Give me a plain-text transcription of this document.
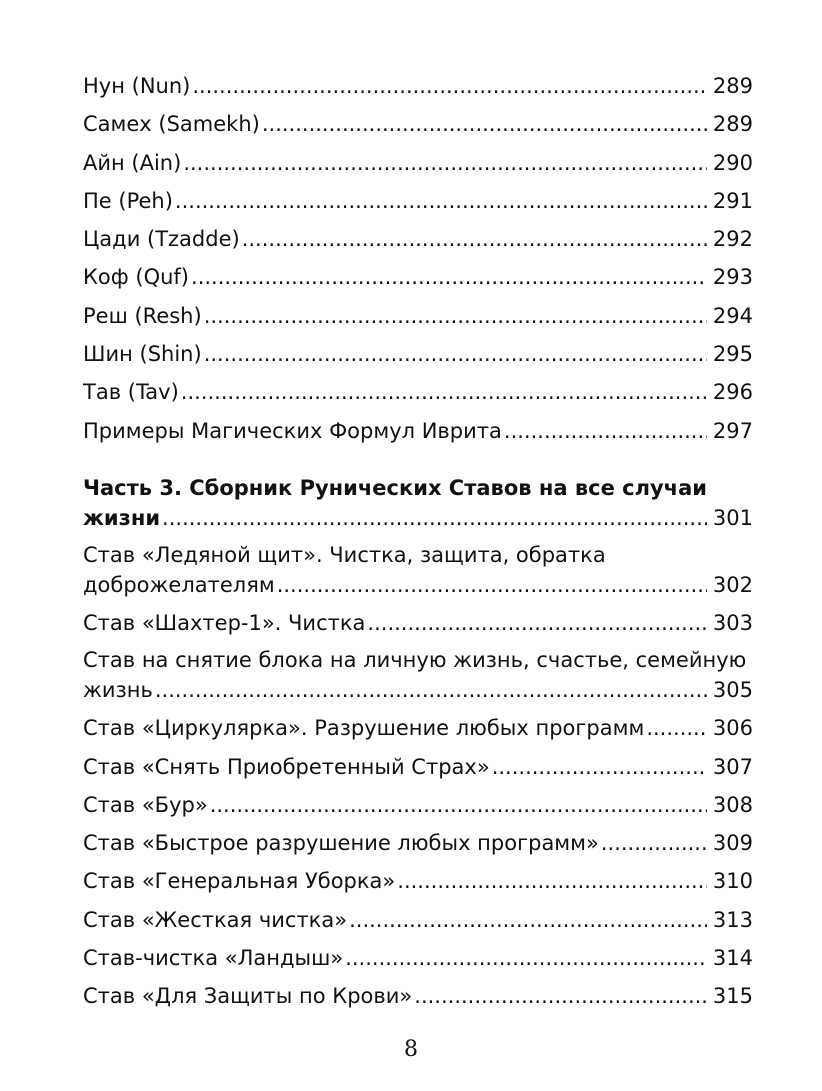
Нун (Nun) .....	289
Самех (Samekh) .....	289
Айн (Ain) .....	290
Пе (Peh) .....	291
Цади (Tzadde) .....	292
Коф (Quf) .....	293
Реш (Resh) .....	294
Шин (Shin) .....	295
Тав (Tav) .....	296
Примеры Магических Формул Иврита .....	297
Часть 3. Сборник Рунических Ставов на все случаи
жизни .....	301
Став «Ледяной щит». Чистка, защита, обратка
доброжелателям .....	302
Став «Шахтер-1». Чистка .....	303
Став на снятие блока на личную жизнь, счастье, семейную
жизнь .....	305
Став «Циркулярка». Разрушение любых программ .....	306
Став «Снять Приобретенный Страх» .....	307
Став «Бур» .....	308
Став «Быстрое разрушение любых программ» .....	309
Став «Генеральная Уборка» .....	310
Став «Жесткая чистка» .....	313
Став-чистка «Ландыш» .....	314
Став «Для Защиты по Крови» .....	315
8
